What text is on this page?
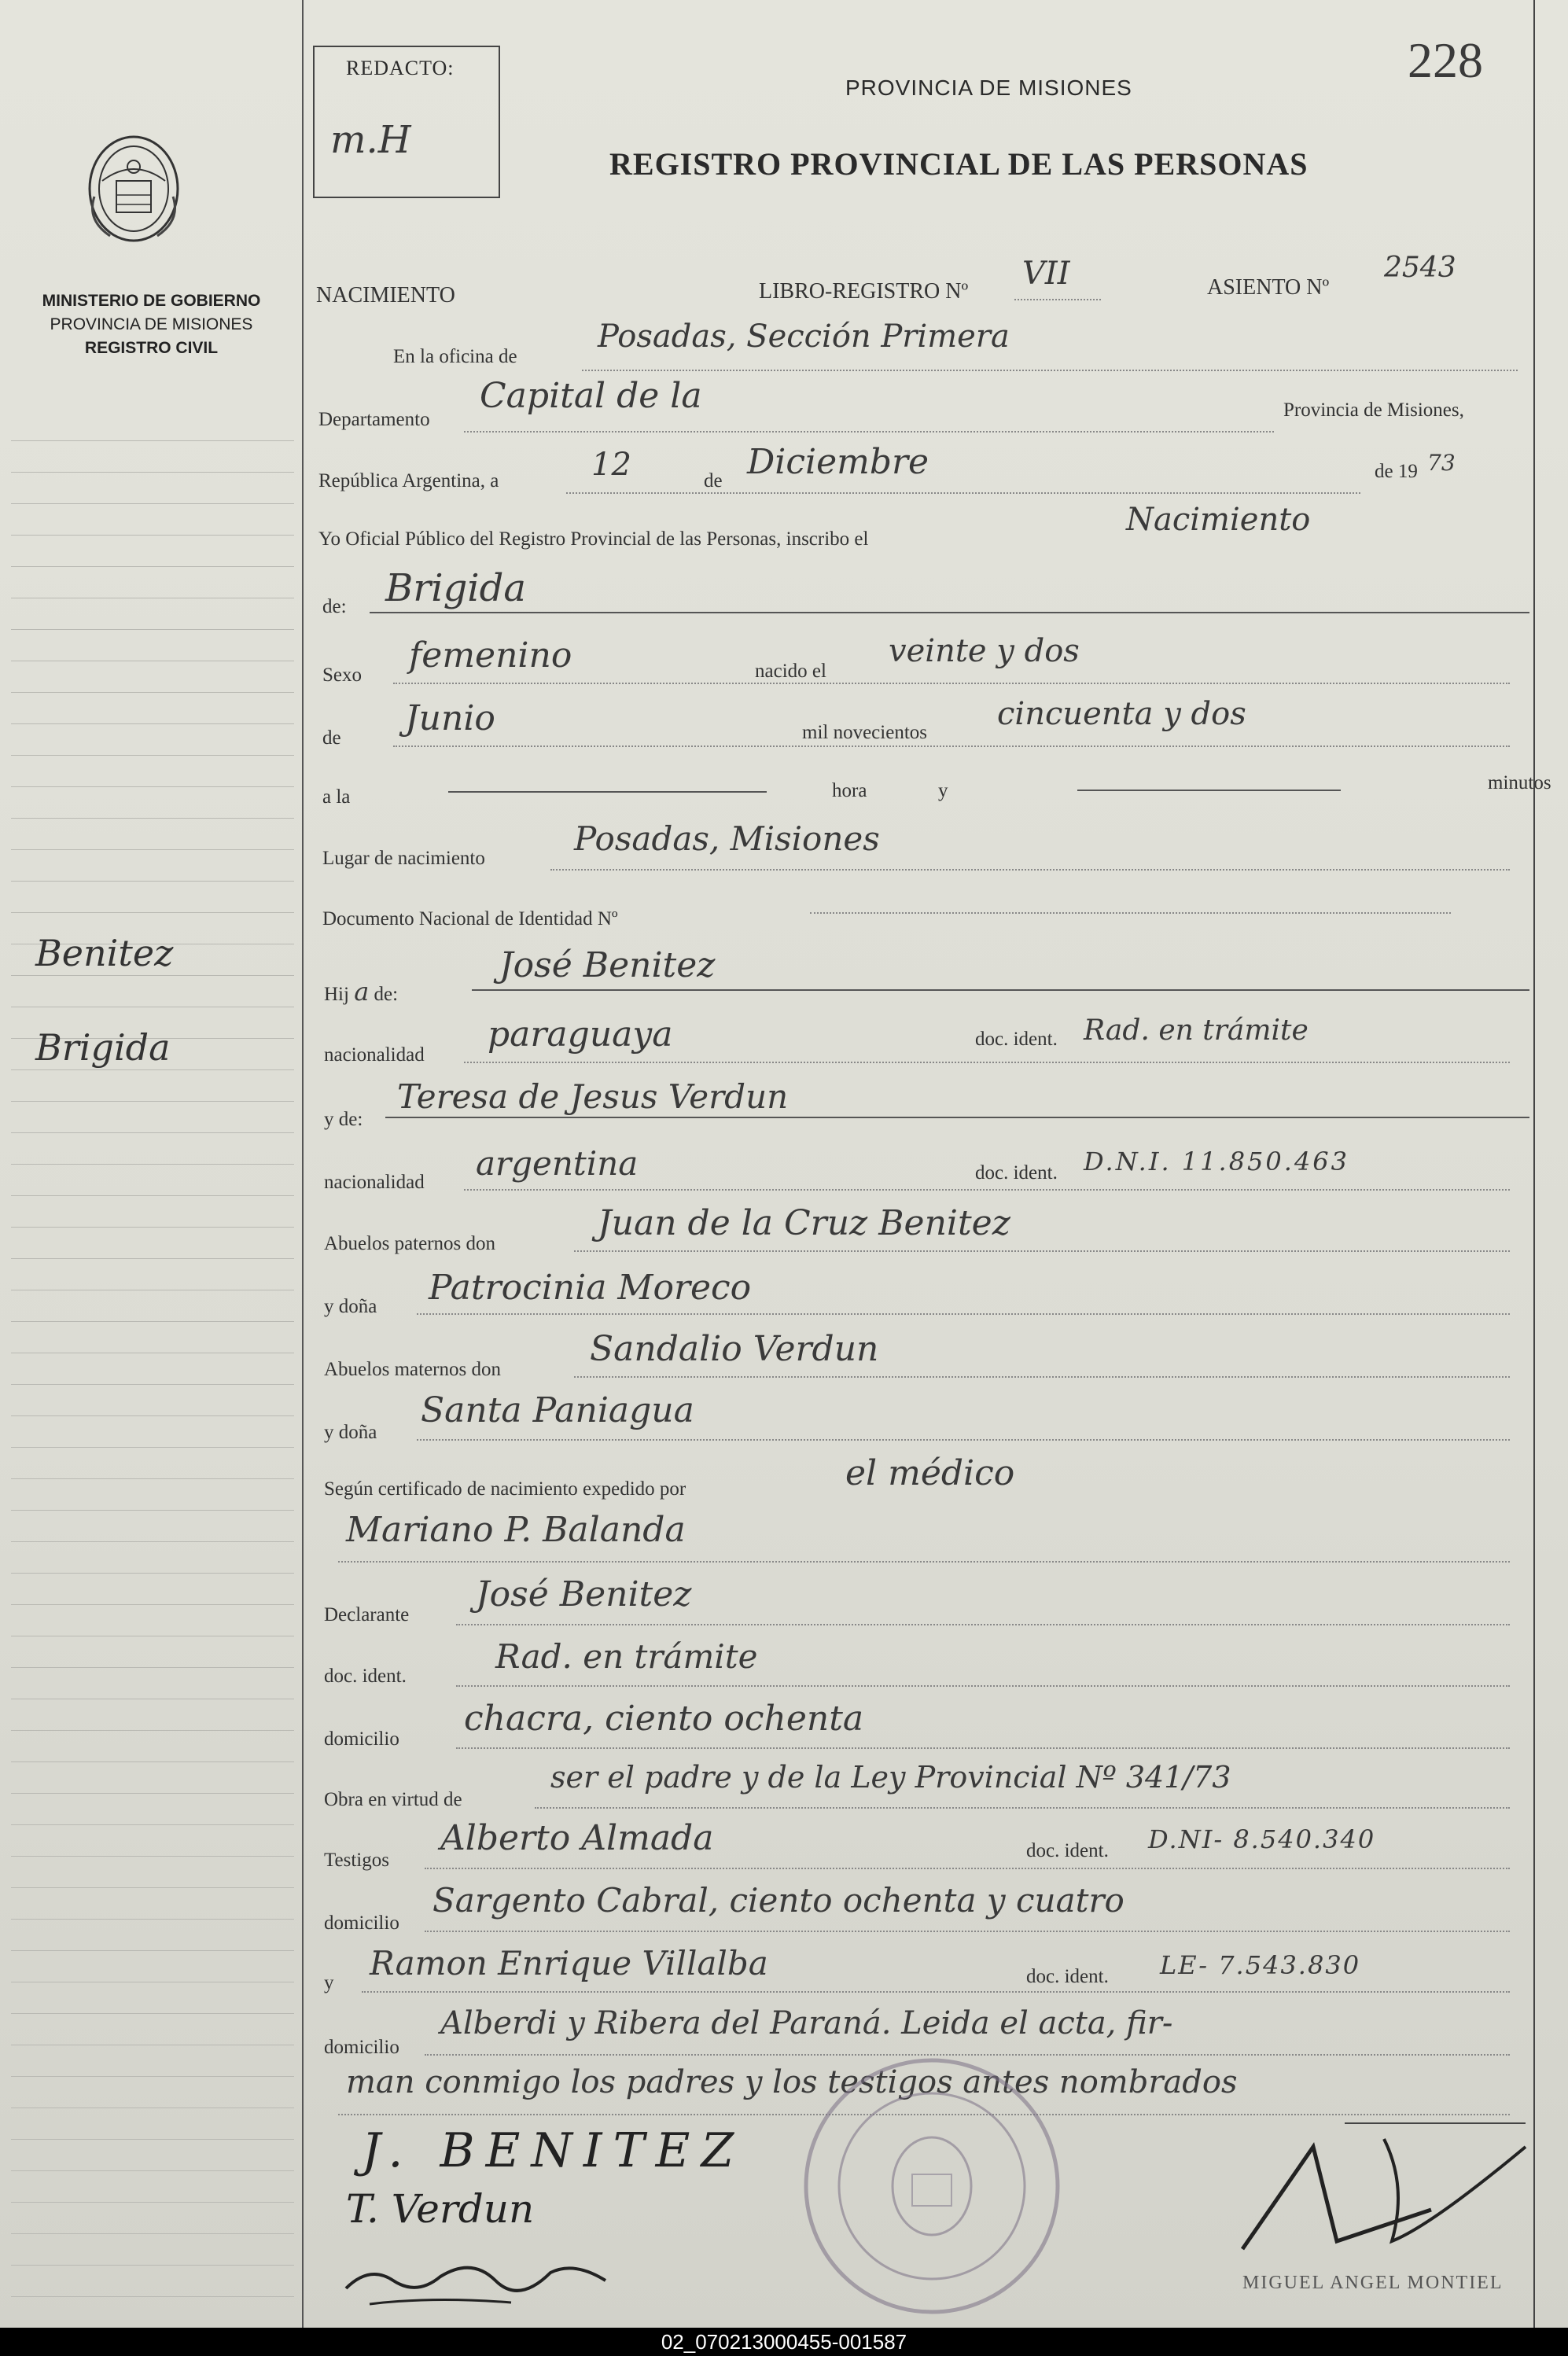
MINISTERIO DE GOBIERNO
PROVINCIA DE MISIONES
REGISTRO CIVIL
Benitez
Brigida
REDACTO:
m.H
228
PROVINCIA DE MISIONES
REGISTRO PROVINCIAL DE LAS PERSONAS
NACIMIENTO	LIBRO-REGISTRO Nº VII	ASIENTO Nº
2543
En la oficina de
Posadas, Sección Primera
Departamento
Capital de la	Provincia de Misiones,
República Argentina, a	12	de Diciembre	de 19 73
Yo Oficial Público del Registro Provincial de las Personas, inscribo el
Nacimiento
de: Brigida
Sexo femenino	nacido el
veinte y dos
de Junio	mil novecientos
cincuenta y dos
a la	hora	y	minutos
Lugar de nacimiento
Posadas, Misiones
Documento Nacional de Identidad Nº
Hij a de:
José Benitez
nacionalidad
paraguaya	doc. ident. Rad. en trámite
y de:
Teresa de Jesus Verdun
nacionalidad argentina	doc. ident. D.N.I. 11.850.463
Abuelos paternos don
Juan de la Cruz Benitez
y doña Patrocinia Moreco
Abuelos maternos don
Sandalio Verdun
y doña
Santa Paniagua
Según certificado de nacimiento expedido por	el médico
Mariano P. Balanda
Declarante
José Benitez
doc. ident.
Rad. en trámite
domicilio
chacra, ciento ochenta
Obra en virtud de
ser el padre y de la Ley Provincial Nº 341/73
Testigos
Alberto Almada	doc. ident. D.NI- 8.540.340
domicilio
Sargento Cabral, ciento ochenta y cuatro
y
Ramon Enrique Villalba	doc. ident. LE- 7.543.830
domicilio
Alberdi y Ribera del Paraná. Leida el acta, fir-
man conmigo los padres y los testigos antes nombrados
J. BENITEZ
T. Verdun
MIGUEL ANGEL MONTIEL
02_070213000455-001587
